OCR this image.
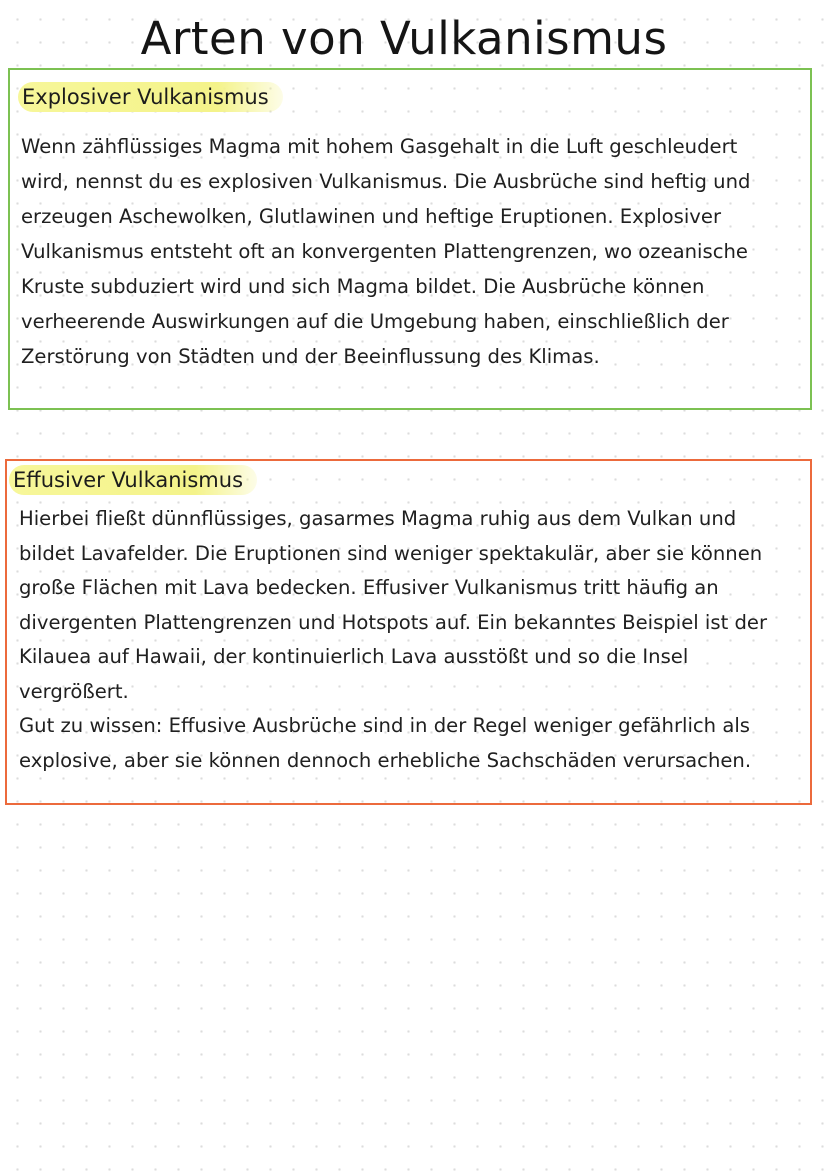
Arten von Vulkanismus
Explosiver Vulkanismus

Wenn zähflüssiges Magma mit hohem Gasgehalt in die Luft geschleudert
wird, nennst du es explosiven Vulkanismus. Die Ausbrüche sind heftig und
erzeugen Aschewolken, Glutlawinen und heftige Eruptionen. Explosiver
Vulkanismus entsteht oft an konvergenten Plattengrenzen, wo ozeanische
Kruste subduziert wird und sich Magma bildet. Die Ausbrüche können
verheerende Auswirkungen auf die Umgebung haben, einschließlich der
Zerstörung von Städten und der Beeinflussung des Klimas.

Effusiver Vulkanismus

Hierbei fließt dünnflüssiges, gasarmes Magma ruhig aus dem Vulkan und
bildet Lavafelder. Die Eruptionen sind weniger spektakulär, aber sie können
große Flächen mit Lava bedecken. Effusiver Vulkanismus tritt häufig an
divergenten Plattengrenzen und Hotspots auf. Ein bekanntes Beispiel ist der
Kilauea auf Hawaii, der kontinuierlich Lava ausstößt und so die Insel
vergrößert.
Gut zu wissen: Effusive Ausbrüche sind in der Regel weniger gefährlich als
explosive, aber sie können dennoch erhebliche Sachschäden verursachen.
